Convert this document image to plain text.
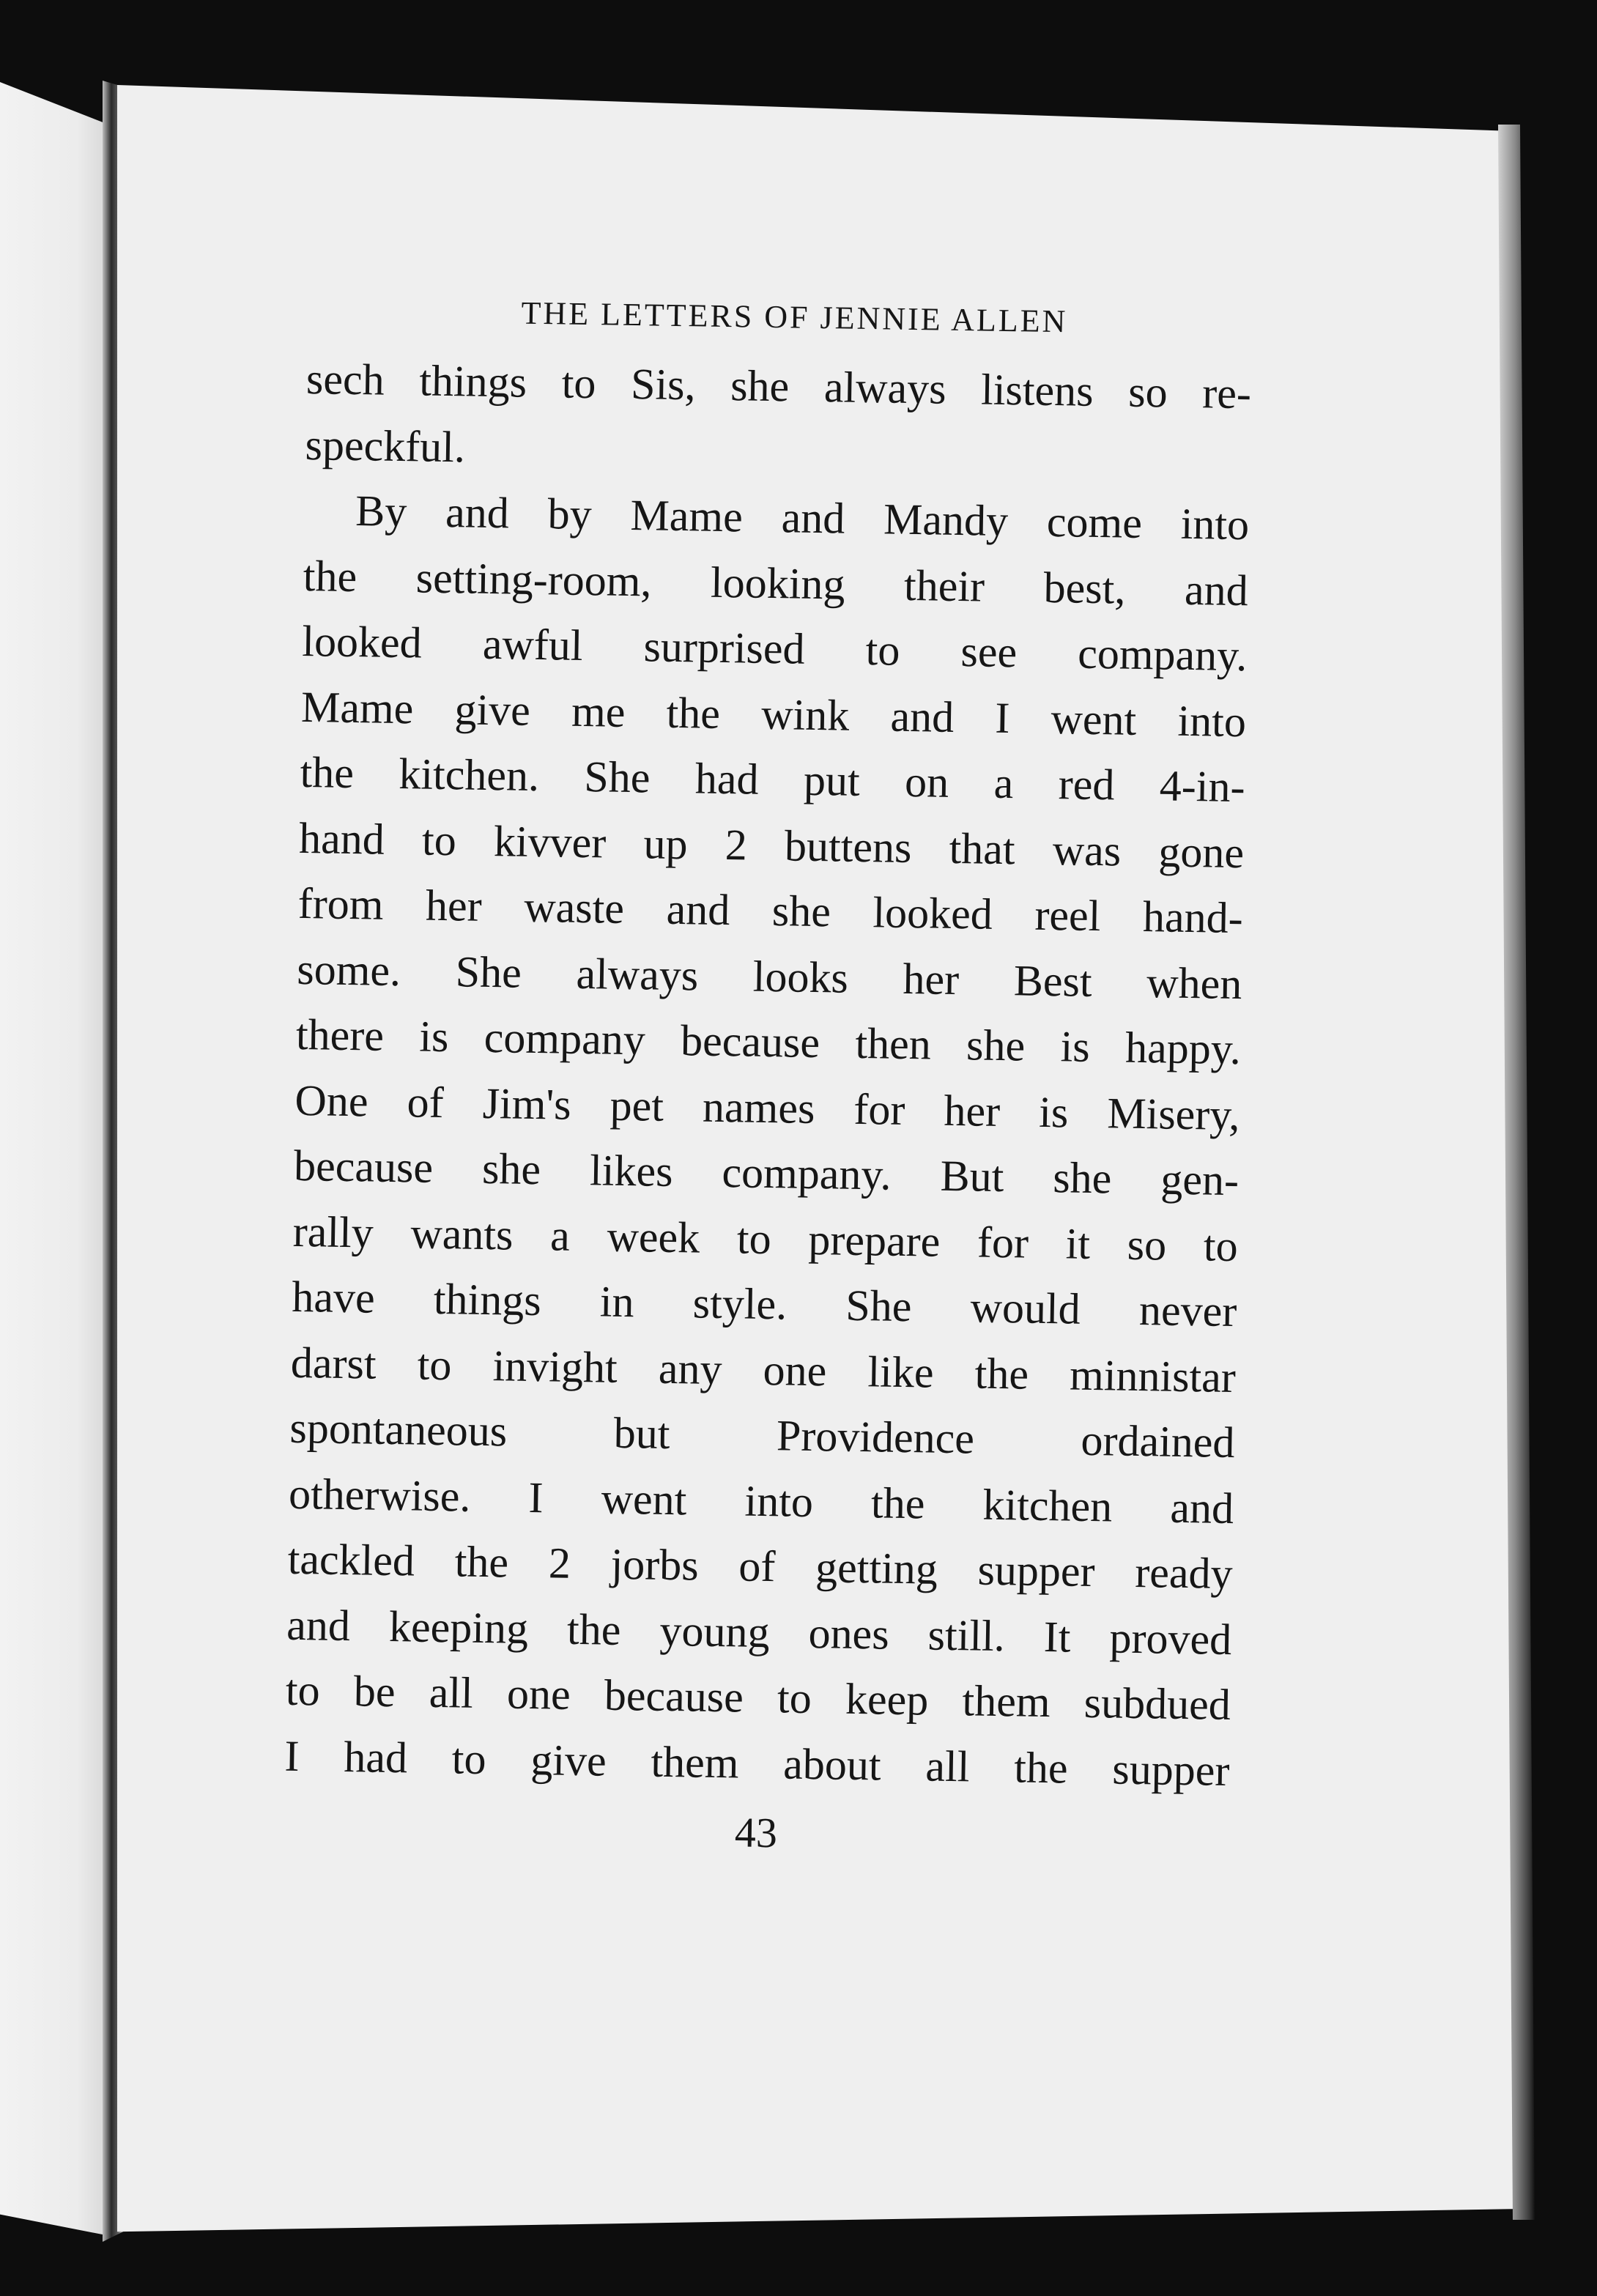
THE LETTERS OF JENNIE ALLEN
sech things to Sis, she always listens so re-
speckful.
By and by Mame and Mandy come into
the setting-room, looking their best, and
looked awful surprised to see company.
Mame give me the wink and I went into
the kitchen. She had put on a red 4-in-
hand to kivver up 2 buttens that was gone
from her waste and she looked reel hand-
some. She always looks her Best when
there is company because then she is happy.
One of Jim's pet names for her is Misery,
because she likes company. But she gen-
rally wants a week to prepare for it so to
have things in style. She would never
darst to invight any one like the minnistar
spontaneous but Providence ordained
otherwise. I went into the kitchen and
tackled the 2 jorbs of getting supper ready
and keeping the young ones still. It proved
to be all one because to keep them subdued
I had to give them about all the supper
43
